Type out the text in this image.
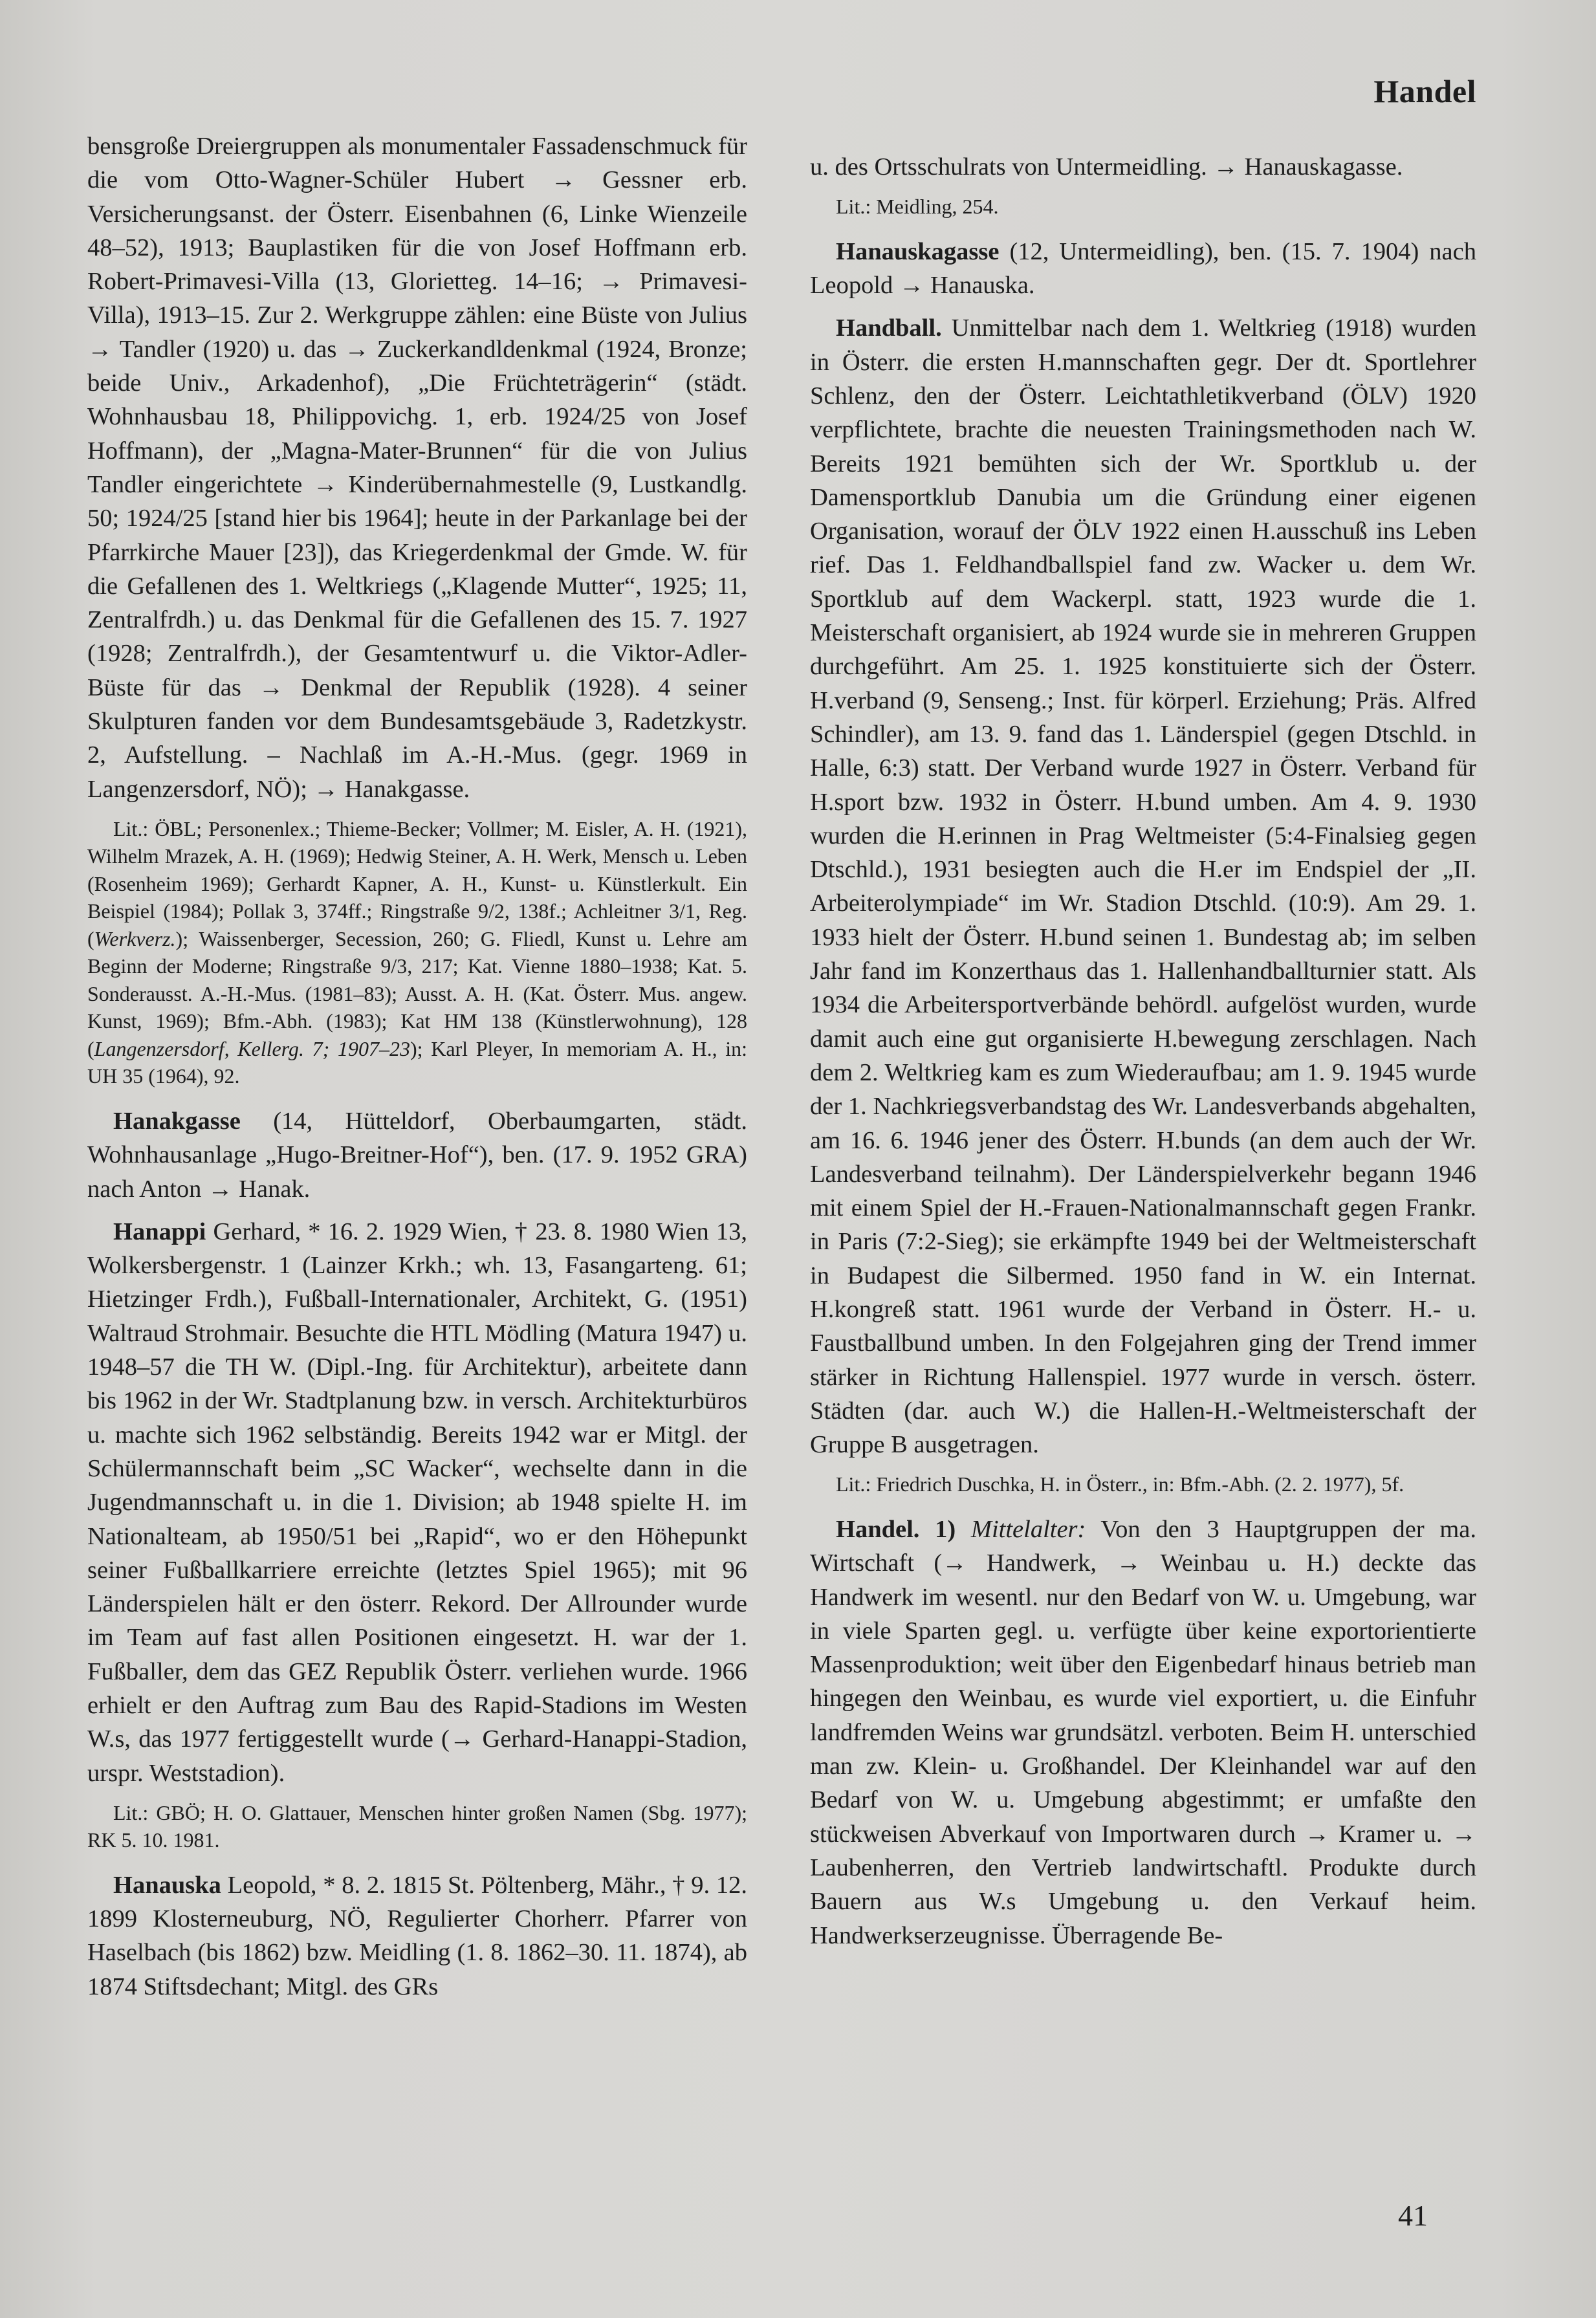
Handel

bensgroße Dreiergruppen als monumentaler Fassadenschmuck für die vom Otto-Wagner-Schüler Hubert → Gessner erb. Versicherungsanst. der Österr. Eisenbahnen (6, Linke Wienzeile 48–52), 1913; Bauplastiken für die von Josef Hoffmann erb. Robert-Primavesi-Villa (13, Glorietteg. 14–16; → Primavesi-Villa), 1913–15. Zur 2. Werkgruppe zählen: eine Büste von Julius → Tandler (1920) u. das → Zuckerkandldenkmal (1924, Bronze; beide Univ., Arkadenhof), „Die Früchteträgerin“ (städt. Wohnhausbau 18, Philippovichg. 1, erb. 1924/25 von Josef Hoffmann), der „Magna-Mater-Brunnen“ für die von Julius Tandler eingerichtete → Kinderübernahmestelle (9, Lustkandlg. 50; 1924/25 [stand hier bis 1964]; heute in der Parkanlage bei der Pfarrkirche Mauer [23]), das Kriegerdenkmal der Gmde. W. für die Gefallenen des 1. Weltkriegs („Klagende Mutter“, 1925; 11, Zentralfrdh.) u. das Denkmal für die Gefallenen des 15. 7. 1927 (1928; Zentralfrdh.), der Gesamtentwurf u. die Viktor-Adler-Büste für das → Denkmal der Republik (1928). 4 seiner Skulpturen fanden vor dem Bundesamtsgebäude 3, Radetzkystr. 2, Aufstellung. – Nachlaß im A.-H.-Mus. (gegr. 1969 in Langenzersdorf, NÖ); → Hanakgasse.

Lit.: ÖBL; Personenlex.; Thieme-Becker; Vollmer; M. Eisler, A. H. (1921), Wilhelm Mrazek, A. H. (1969); Hedwig Steiner, A. H. Werk, Mensch u. Leben (Rosenheim 1969); Gerhardt Kapner, A. H., Kunst- u. Künstlerkult. Ein Beispiel (1984); Pollak 3, 374ff.; Ringstraße 9/2, 138f.; Achleitner 3/1, Reg. (Werkverz.); Waissenberger, Secession, 260; G. Fliedl, Kunst u. Lehre am Beginn der Moderne; Ringstraße 9/3, 217; Kat. Vienne 1880–1938; Kat. 5. Sonderausst. A.-H.-Mus. (1981–83); Ausst. A. H. (Kat. Österr. Mus. angew. Kunst, 1969); Bfm.-Abh. (1983); Kat HM 138 (Künstlerwohnung), 128 (Langenzersdorf, Kellerg. 7; 1907–23); Karl Pleyer, In memoriam A. H., in: UH 35 (1964), 92.

Hanakgasse (14, Hütteldorf, Oberbaumgarten, städt. Wohnhausanlage „Hugo-Breitner-Hof“), ben. (17. 9. 1952 GRA) nach Anton → Hanak.

Hanappi Gerhard, * 16. 2. 1929 Wien, † 23. 8. 1980 Wien 13, Wolkersbergenstr. 1 (Lainzer Krkh.; wh. 13, Fasangarteng. 61; Hietzinger Frdh.), Fußball-Internationaler, Architekt, G. (1951) Waltraud Strohmair. Besuchte die HTL Mödling (Matura 1947) u. 1948–57 die TH W. (Dipl.-Ing. für Architektur), arbeitete dann bis 1962 in der Wr. Stadtplanung bzw. in versch. Architekturbüros u. machte sich 1962 selbständig. Bereits 1942 war er Mitgl. der Schülermannschaft beim „SC Wacker“, wechselte dann in die Jugendmannschaft u. in die 1. Division; ab 1948 spielte H. im Nationalteam, ab 1950/51 bei „Rapid“, wo er den Höhepunkt seiner Fußballkarriere erreichte (letztes Spiel 1965); mit 96 Länderspielen hält er den österr. Rekord. Der Allrounder wurde im Team auf fast allen Positionen eingesetzt. H. war der 1. Fußballer, dem das GEZ Republik Österr. verliehen wurde. 1966 erhielt er den Auftrag zum Bau des Rapid-Stadions im Westen W.s, das 1977 fertiggestellt wurde (→ Gerhard-Hanappi-Stadion, urspr. Weststadion).

Lit.: GBÖ; H. O. Glattauer, Menschen hinter großen Namen (Sbg. 1977); RK 5. 10. 1981.

Hanauska Leopold, * 8. 2. 1815 St. Pöltenberg, Mähr., † 9. 12. 1899 Klosterneuburg, NÖ, Regulierter Chorherr. Pfarrer von Haselbach (bis 1862) bzw. Meidling (1. 8. 1862–30. 11. 1874), ab 1874 Stiftsdechant; Mitgl. des GRs

u. des Ortsschulrats von Untermeidling. → Hanauskagasse.

Lit.: Meidling, 254.

Hanauskagasse (12, Untermeidling), ben. (15. 7. 1904) nach Leopold → Hanauska.

Handball. Unmittelbar nach dem 1. Weltkrieg (1918) wurden in Österr. die ersten H.mannschaften gegr. Der dt. Sportlehrer Schlenz, den der Österr. Leichtathletikverband (ÖLV) 1920 verpflichtete, brachte die neuesten Trainingsmethoden nach W. Bereits 1921 bemühten sich der Wr. Sportklub u. der Damensportklub Danubia um die Gründung einer eigenen Organisation, worauf der ÖLV 1922 einen H.ausschuß ins Leben rief. Das 1. Feldhandballspiel fand zw. Wacker u. dem Wr. Sportklub auf dem Wackerpl. statt, 1923 wurde die 1. Meisterschaft organisiert, ab 1924 wurde sie in mehreren Gruppen durchgeführt. Am 25. 1. 1925 konstituierte sich der Österr. H.verband (9, Senseng.; Inst. für körperl. Erziehung; Präs. Alfred Schindler), am 13. 9. fand das 1. Länderspiel (gegen Dtschld. in Halle, 6:3) statt. Der Verband wurde 1927 in Österr. Verband für H.sport bzw. 1932 in Österr. H.bund umben. Am 4. 9. 1930 wurden die H.erinnen in Prag Weltmeister (5:4-Finalsieg gegen Dtschld.), 1931 besiegten auch die H.er im Endspiel der „II. Arbeiterolympiade“ im Wr. Stadion Dtschld. (10:9). Am 29. 1. 1933 hielt der Österr. H.bund seinen 1. Bundestag ab; im selben Jahr fand im Konzerthaus das 1. Hallenhandballturnier statt. Als 1934 die Arbeitersportverbände behördl. aufgelöst wurden, wurde damit auch eine gut organisierte H.bewegung zerschlagen. Nach dem 2. Weltkrieg kam es zum Wiederaufbau; am 1. 9. 1945 wurde der 1. Nachkriegsverbandstag des Wr. Landesverbands abgehalten, am 16. 6. 1946 jener des Österr. H.bunds (an dem auch der Wr. Landesverband teilnahm). Der Länderspielverkehr begann 1946 mit einem Spiel der H.-Frauen-Nationalmannschaft gegen Frankr. in Paris (7:2-Sieg); sie erkämpfte 1949 bei der Weltmeisterschaft in Budapest die Silbermed. 1950 fand in W. ein Internat. H.kongreß statt. 1961 wurde der Verband in Österr. H.- u. Faustballbund umben. In den Folgejahren ging der Trend immer stärker in Richtung Hallenspiel. 1977 wurde in versch. österr. Städten (dar. auch W.) die Hallen-H.-Weltmeisterschaft der Gruppe B ausgetragen.

Lit.: Friedrich Duschka, H. in Österr., in: Bfm.-Abh. (2. 2. 1977), 5f.

Handel. 1) Mittelalter: Von den 3 Hauptgruppen der ma. Wirtschaft (→ Handwerk, → Weinbau u. H.) deckte das Handwerk im wesentl. nur den Bedarf von W. u. Umgebung, war in viele Sparten gegl. u. verfügte über keine exportorientierte Massenproduktion; weit über den Eigenbedarf hinaus betrieb man hingegen den Weinbau, es wurde viel exportiert, u. die Einfuhr landfremden Weins war grundsätzl. verboten. Beim H. unterschied man zw. Klein- u. Großhandel. Der Kleinhandel war auf den Bedarf von W. u. Umgebung abgestimmt; er umfaßte den stückweisen Abverkauf von Importwaren durch → Kramer u. → Laubenherren, den Vertrieb landwirtschaftl. Produkte durch Bauern aus W.s Umgebung u. den Verkauf heim. Handwerkserzeugnisse. Überragende Be-

41
